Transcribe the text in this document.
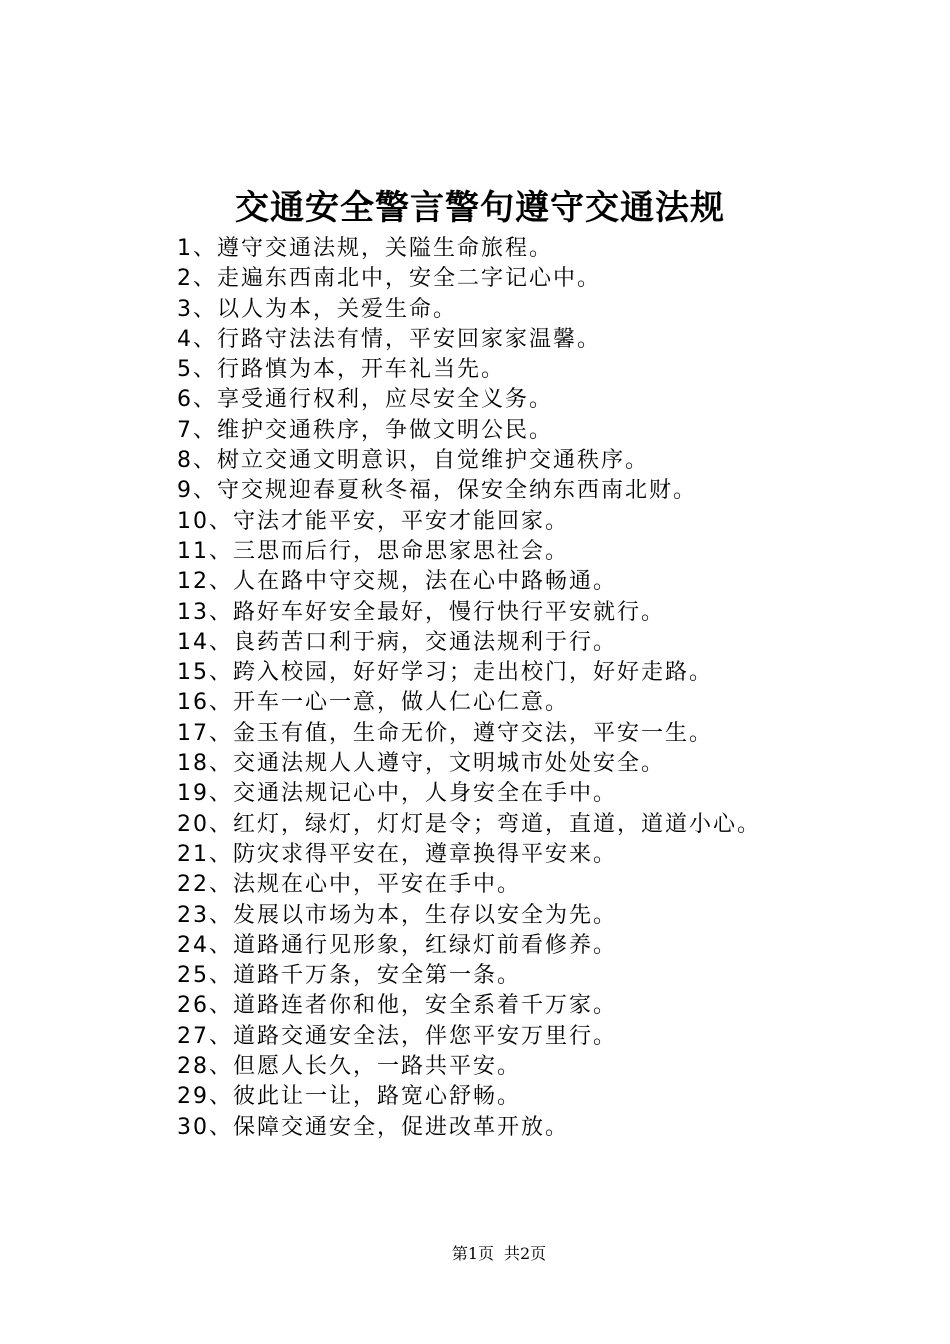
交通安全警言警句遵守交通法规
1、遵守交通法规，关隘生命旅程。
2、走遍东西南北中，安全二字记心中。
3、以人为本，关爱生命。
4、行路守法法有情，平安回家家温馨。
5、行路慎为本，开车礼当先。
6、享受通行权利，应尽安全义务。
7、维护交通秩序，争做文明公民。
8、树立交通文明意识，自觉维护交通秩序。
9、守交规迎春夏秋冬福，保安全纳东西南北财。
10、守法才能平安，平安才能回家。
11、三思而后行，思命思家思社会。
12、人在路中守交规，法在心中路畅通。
13、路好车好安全最好，慢行快行平安就行。
14、良药苦口利于病，交通法规利于行。
15、跨入校园，好好学习；走出校门，好好走路。
16、开车一心一意，做人仁心仁意。
17、金玉有值，生命无价，遵守交法，平安一生。
18、交通法规人人遵守，文明城市处处安全。
19、交通法规记心中，人身安全在手中。
20、红灯，绿灯，灯灯是令；弯道，直道，道道小心。
21、防灾求得平安在，遵章换得平安来。
22、法规在心中，平安在手中。
23、发展以市场为本，生存以安全为先。
24、道路通行见形象，红绿灯前看修养。
25、道路千万条，安全第一条。
26、道路连者你和他，安全系着千万家。
27、道路交通安全法，伴您平安万里行。
28、但愿人长久，一路共平安。
29、彼此让一让，路宽心舒畅。
30、保障交通安全，促进改革开放。
第1页 共2页
